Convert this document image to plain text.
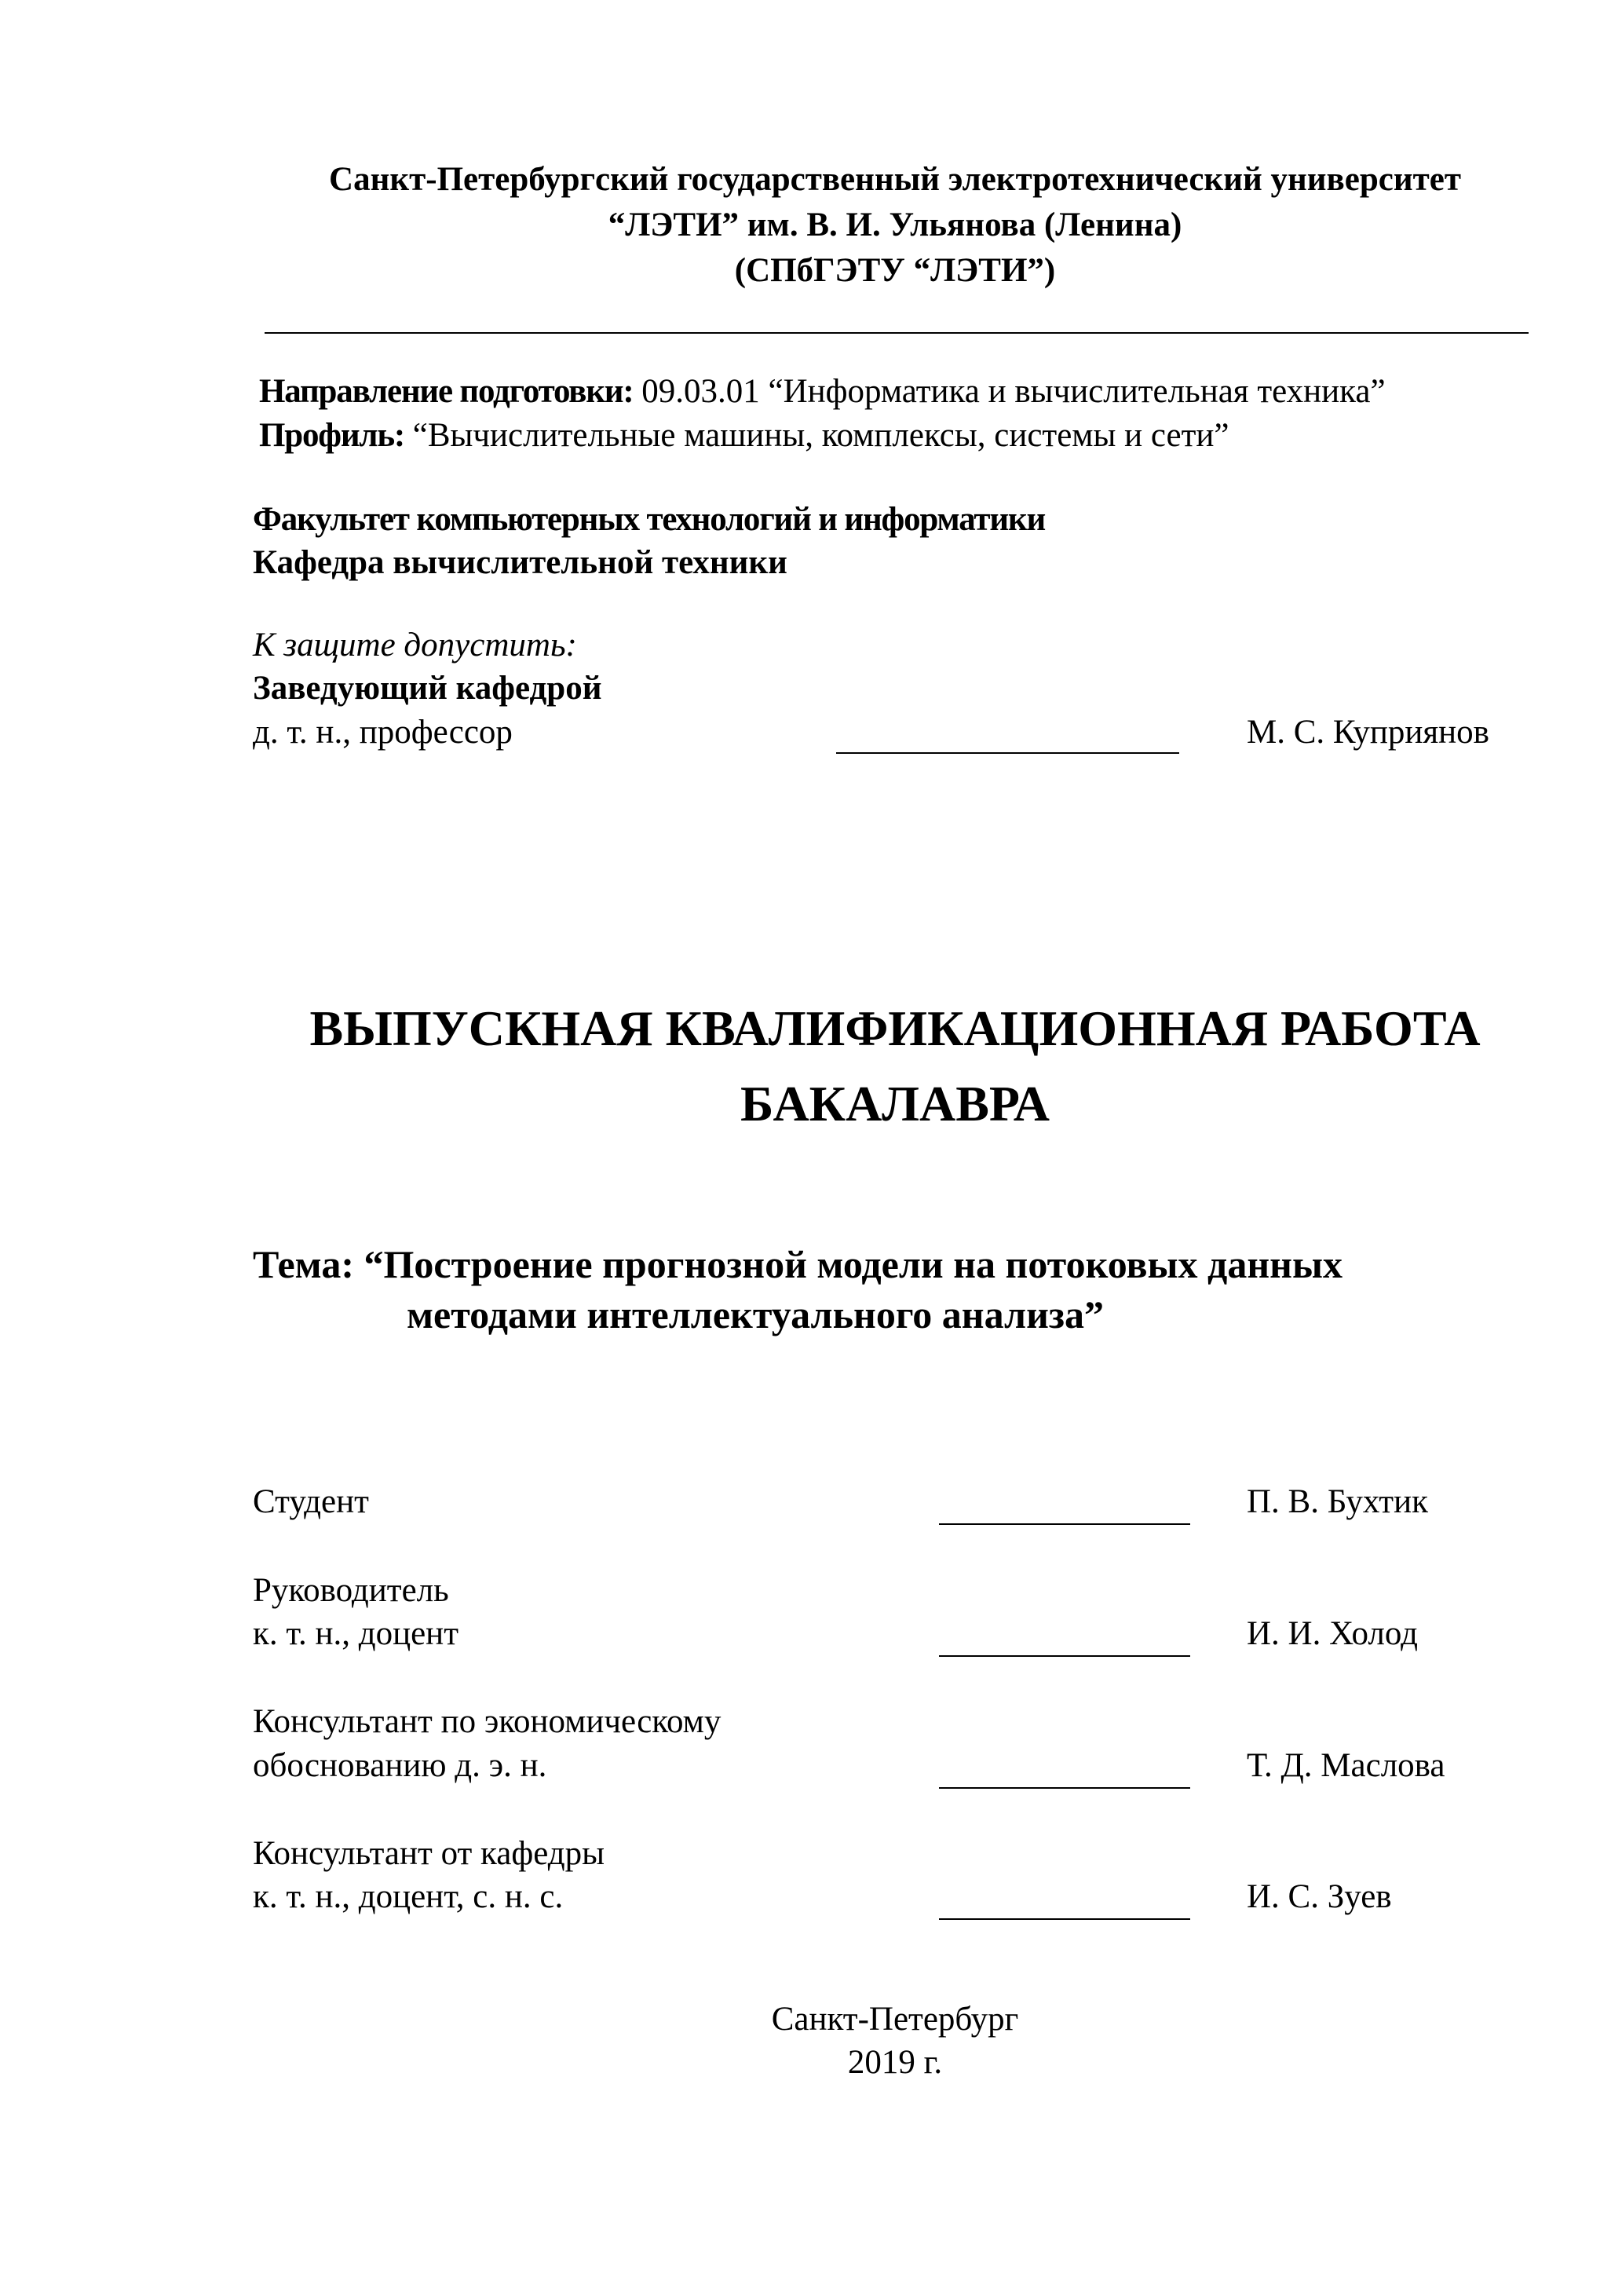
Санкт-Петербургский государственный электротехнический университет
“ЛЭТИ” им. В. И. Ульянова (Ленина)
(СПбГЭТУ “ЛЭТИ”)
Направление подготовки: 09.03.01 “Информатика и вычислительная техника”
Профиль: “Вычислительные машины, комплексы, системы и сети”
Факультет компьютерных технологий и информатики
Кафедра вычислительной техники
К защите допустить:
Заведующий кафедрой
д. т. н., профессор	М. С. Куприянов
ВЫПУСКНАЯ КВАЛИФИКАЦИОННАЯ РАБОТА
БАКАЛАВРА
Тема: “Построение прогнозной модели на потоковых данных
методами интеллектуального анализа”
Студент	П. В. Бухтик
Руководитель
к. т. н., доцент	И. И. Холод
Консультант по экономическому
обоснованию д. э. н.	Т. Д. Маслова
Консультант от кафедры
к. т. н., доцент, с. н. с.	И. С. Зуев
Санкт-Петербург
2019 г.
